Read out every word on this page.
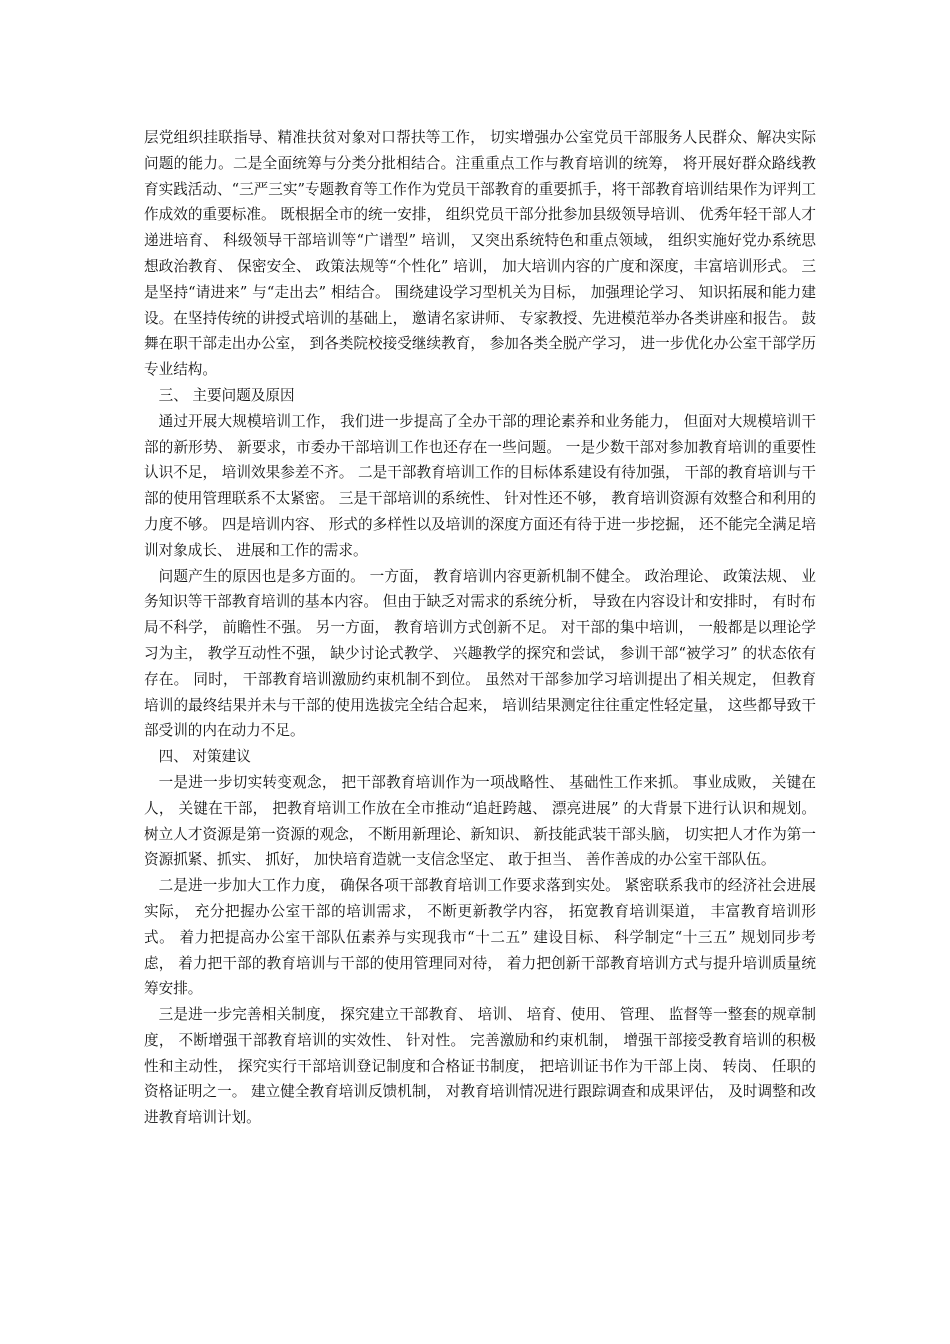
层党组织挂联指导、精准扶贫对象对口帮扶等工作， 切实增强办公室党员干部服务人民群众、解决实际问题的能力。二是全面统筹与分类分批相结合。注重重点工作与教育培训的统筹， 将开展好群众路线教育实践活动、“三严三实”专题教育等工作作为党员干部教育的重要抓手，将干部教育培训结果作为评判工作成效的重要标准。 既根据全市的统一安排， 组织党员干部分批参加县级领导培训、 优秀年轻干部人才递进培育、 科级领导干部培训等“广谱型” 培训， 又突出系统特色和重点领域， 组织实施好党办系统思想政治教育、 保密安全、 政策法规等“个性化” 培训， 加大培训内容的广度和深度，丰富培训形式。 三是坚持“请进来” 与“走出去” 相结合。 围绕建设学习型机关为目标， 加强理论学习、 知识拓展和能力建设。在坚持传统的讲授式培训的基础上， 邀请名家讲师、 专家教授、先进模范举办各类讲座和报告。 鼓舞在职干部走出办公室， 到各类院校接受继续教育， 参加各类全脱产学习， 进一步优化办公室干部学历专业结构。

三、 主要问题及原因

通过开展大规模培训工作， 我们进一步提高了全办干部的理论素养和业务能力， 但面对大规模培训干部的新形势、 新要求，市委办干部培训工作也还存在一些问题。 一是少数干部对参加教育培训的重要性认识不足， 培训效果参差不齐。 二是干部教育培训工作的目标体系建设有待加强， 干部的教育培训与干部的使用管理联系不太紧密。 三是干部培训的系统性、 针对性还不够， 教育培训资源有效整合和利用的力度不够。 四是培训内容、 形式的多样性以及培训的深度方面还有待于进一步挖掘， 还不能完全满足培训对象成长、 进展和工作的需求。

问题产生的原因也是多方面的。 一方面， 教育培训内容更新机制不健全。 政治理论、 政策法规、 业务知识等干部教育培训的基本内容。 但由于缺乏对需求的系统分析， 导致在内容设计和安排时， 有时布局不科学， 前瞻性不强。 另一方面， 教育培训方式创新不足。 对干部的集中培训， 一般都是以理论学习为主， 教学互动性不强， 缺少讨论式教学、 兴趣教学的探究和尝试， 参训干部“被学习” 的状态依有存在。 同时， 干部教育培训激励约束机制不到位。 虽然对干部参加学习培训提出了相关规定， 但教育培训的最终结果并未与干部的使用选拔完全结合起来， 培训结果测定往往重定性轻定量， 这些都导致干部受训的内在动力不足。

四、 对策建议

一是进一步切实转变观念， 把干部教育培训作为一项战略性、 基础性工作来抓。 事业成败， 关键在人， 关键在干部， 把教育培训工作放在全市推动“追赶跨越、 漂亮进展” 的大背景下进行认识和规划。 树立人才资源是第一资源的观念， 不断用新理论、新知识、 新技能武装干部头脑， 切实把人才作为第一资源抓紧、抓实、 抓好， 加快培育造就一支信念坚定、 敢于担当、 善作善成的办公室干部队伍。

二是进一步加大工作力度， 确保各项干部教育培训工作要求落到实处。 紧密联系我市的经济社会进展实际， 充分把握办公室干部的培训需求， 不断更新教学内容， 拓宽教育培训渠道， 丰富教育培训形式。 着力把提高办公室干部队伍素养与实现我市“十二五” 建设目标、 科学制定“十三五” 规划同步考虑， 着力把干部的教育培训与干部的使用管理同对待， 着力把创新干部教育培训方式与提升培训质量统筹安排。

三是进一步完善相关制度， 探究建立干部教育、 培训、 培育、使用、 管理、 监督等一整套的规章制度， 不断增强干部教育培训的实效性、 针对性。 完善激励和约束机制， 增强干部接受教育培训的积极性和主动性， 探究实行干部培训登记制度和合格证书制度， 把培训证书作为干部上岗、 转岗、 任职的资格证明之一。 建立健全教育培训反馈机制， 对教育培训情况进行跟踪调查和成果评估， 及时调整和改进教育培训计划。
